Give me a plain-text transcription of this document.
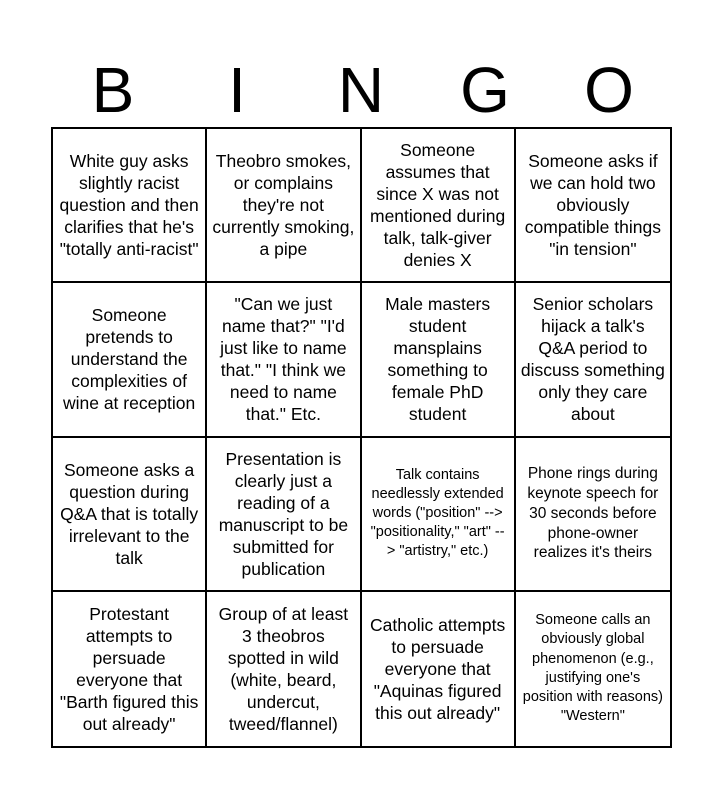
B	I	N	G	O
White guy asks slightly racist question and then clarifies that he's "totally anti-racist"
Theobro smokes, or complains they're not currently smoking, a pipe
Someone assumes that since X was not mentioned during talk, talk-giver denies X
Someone asks if we can hold two obviously compatible things "in tension"
Someone pretends to understand the complexities of wine at reception
"Can we just name that?" "I'd just like to name that." "I think we need to name that." Etc.
Male masters student mansplains something to female PhD student
Senior scholars hijack a talk's Q&A period to discuss something only they care about
Someone asks a question during Q&A that is totally irrelevant to the talk
Presentation is clearly just a reading of a manuscript to be submitted for publication
Talk contains needlessly extended words ("position" --> "positionality," "art" --> "artistry," etc.)
Phone rings during keynote speech for 30 seconds before phone-owner realizes it's theirs
Protestant attempts to persuade everyone that "Barth figured this out already"
Group of at least 3 theobros spotted in wild (white, beard, undercut, tweed/flannel)
Catholic attempts to persuade everyone that "Aquinas figured this out already"
Someone calls an obviously global phenomenon (e.g., justifying one's position with reasons) "Western"
